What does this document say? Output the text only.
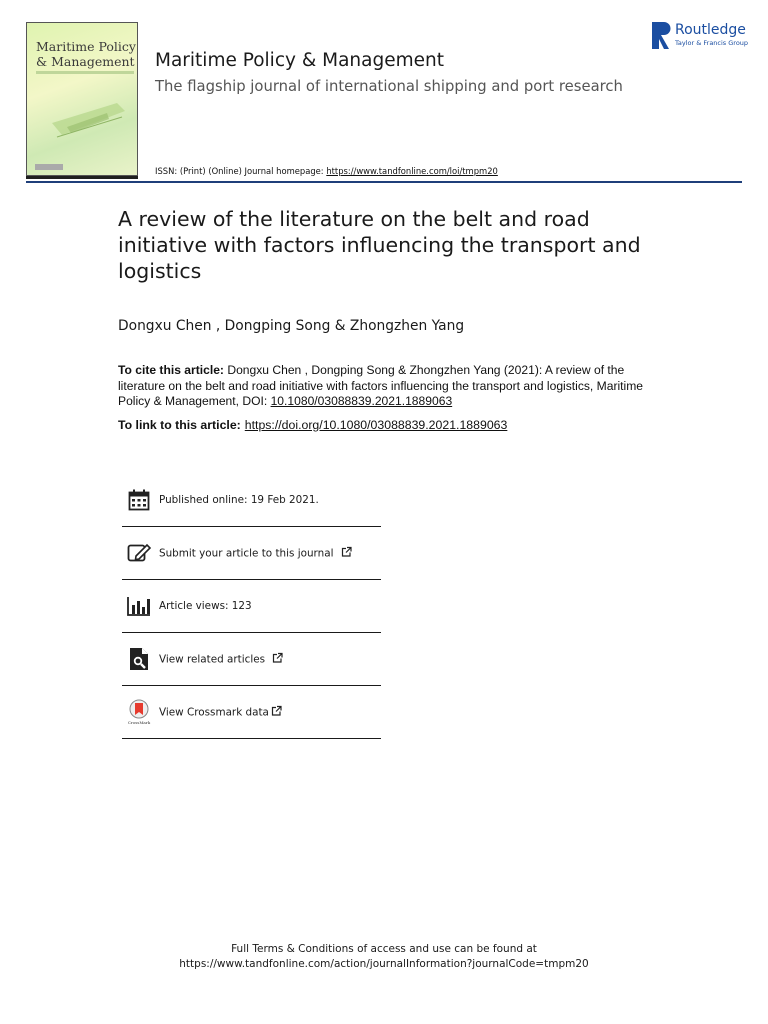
Maritime Policy
& Management Maritime Policy & Management
The flagship journal of international shipping and port research
ISSN: (Print) (Online) Journal homepage: https://www.tandfonline.com/loi/tmpm20
Routledge
Taylor & Francis Group
A review of the literature on the belt and road initiative with factors influencing the transport and logistics
Dongxu Chen , Dongping Song & Zhongzhen Yang
To cite this article: Dongxu Chen , Dongping Song & Zhongzhen Yang (2021): A review of the literature on the belt and road initiative with factors influencing the transport and logistics, Maritime Policy & Management, DOI: 10.1080/03088839.2021.1889063
To link to this article: https://doi.org/10.1080/03088839.2021.1889063
Published online: 19 Feb 2021.
Submit your article to this journal
Article views: 123
View related articles
CrossMark
View Crossmark data
Full Terms & Conditions of access and use can be found at
https://www.tandfonline.com/action/journalInformation?journalCode=tmpm20
